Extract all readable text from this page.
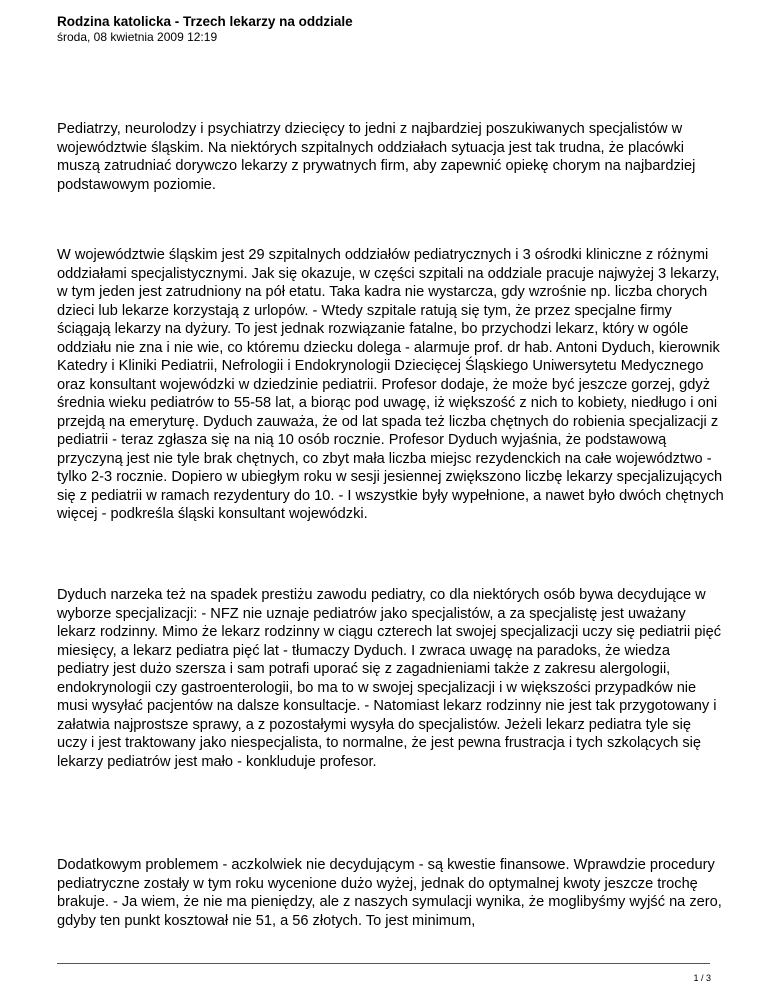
Rodzina katolicka - Trzech lekarzy na oddziale
środa, 08 kwietnia 2009 12:19

Pediatrzy, neurolodzy i psychiatrzy dziecięcy to jedni z najbardziej poszukiwanych specjalistów w województwie śląskim. Na niektórych szpitalnych oddziałach sytuacja jest tak trudna, że placówki muszą zatrudniać dorywczo lekarzy z prywatnych firm, aby zapewnić opiekę chorym na najbardziej podstawowym poziomie.

W województwie śląskim jest 29 szpitalnych oddziałów pediatrycznych i 3 ośrodki kliniczne z różnymi oddziałami specjalistycznymi. Jak się okazuje, w części szpitali na oddziale pracuje najwyżej 3 lekarzy, w tym jeden jest zatrudniony na pół etatu. Taka kadra nie wystarcza, gdy wzrośnie np. liczba chorych dzieci lub lekarze korzystają z urlopów. - Wtedy szpitale ratują się tym, że przez specjalne firmy ściągają lekarzy na dyżury. To jest jednak rozwiązanie fatalne, bo przychodzi lekarz, który w ogóle oddziału nie zna i nie wie, co któremu dziecku dolega - alarmuje prof. dr hab. Antoni Dyduch, kierownik Katedry i Kliniki Pediatrii, Nefrologii i Endokrynologii Dziecięcej Śląskiego Uniwersytetu Medycznego oraz konsultant wojewódzki w dziedzinie pediatrii. Profesor dodaje, że może być jeszcze gorzej, gdyż średnia wieku pediatrów to 55-58 lat, a biorąc pod uwagę, iż większość z nich to kobiety, niedługo i oni przejdą na emeryturę. Dyduch zauważa, że od lat spada też liczba chętnych do robienia specjalizacji z pediatrii - teraz zgłasza się na nią 10 osób rocznie. Profesor Dyduch wyjaśnia, że podstawową przyczyną jest nie tyle brak chętnych, co zbyt mała liczba miejsc rezydenckich na całe województwo - tylko 2-3 rocznie. Dopiero w ubiegłym roku w sesji jesiennej zwiększono liczbę lekarzy specjalizujących się z pediatrii w ramach rezydentury do 10. - I wszystkie były wypełnione, a nawet było dwóch chętnych więcej - podkreśla śląski konsultant wojewódzki.

Dyduch narzeka też na spadek prestiżu zawodu pediatry, co dla niektórych osób bywa decydujące w wyborze specjalizacji: - NFZ nie uznaje pediatrów jako specjalistów, a za specjalistę jest uważany lekarz rodzinny. Mimo że lekarz rodzinny w ciągu czterech lat swojej specjalizacji uczy się pediatrii pięć miesięcy, a lekarz pediatra pięć lat - tłumaczy Dyduch. I zwraca uwagę na paradoks, że wiedza pediatry jest dużo szersza i sam potrafi uporać się z zagadnieniami także z zakresu alergologii, endokrynologii czy gastroenterologii, bo ma to w swojej specjalizacji i w większości przypadków nie musi wysyłać pacjentów na dalsze konsultacje. - Natomiast lekarz rodzinny nie jest tak przygotowany i załatwia najprostsze sprawy, a z pozostałymi wysyła do specjalistów. Jeżeli lekarz pediatra tyle się uczy i jest traktowany jako niespecjalista, to normalne, że jest pewna frustracja i tych szkolących się lekarzy pediatrów jest mało - konkluduje profesor.

Dodatkowym problemem - aczkolwiek nie decydującym - są kwestie finansowe. Wprawdzie procedury pediatryczne zostały w tym roku wycenione dużo wyżej, jednak do optymalnej kwoty jeszcze trochę brakuje. - Ja wiem, że nie ma pieniędzy, ale z naszych symulacji wynika, że moglibyśmy wyjść na zero, gdyby ten punkt kosztował nie 51, a 56 złotych. To jest minimum,

1 / 3
